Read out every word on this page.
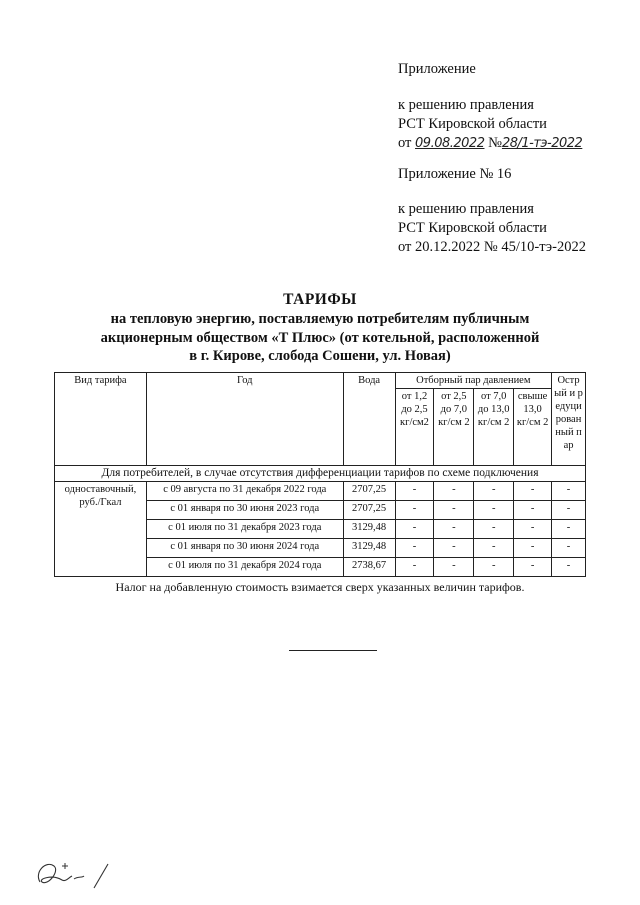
Приложение
к решению правления
РСТ Кировской области
от 09.08.2022 №28/1-тэ-2022
Приложение № 16
к решению правления
РСТ Кировской области
от 20.12.2022 № 45/10-тэ-2022
ТАРИФЫ
на тепловую энергию, поставляемую потребителям публичным
акционерным обществом «Т Плюс» (от котельной, расположенной
в г. Кирове, слобода Сошени, ул. Новая)
Вид тарифа	Год	Вода	Отборный пар давлением				Острый и редуцированный пар
			от 1,2 до 2,5 кг/см2	от 2,5 до 7,0 кг/см 2	от 7,0 до 13,0 кг/см 2	свыше 13,0 кг/см 2	
Для потребителей, в случае отсутствия дифференциации тарифов по схеме подключения							
одноставочный, руб./Гкал	с 09 августа по 31 декабря 2022 года	2707,25	-	-	-	-	-
	с 01 января по 30 июня 2023 года	2707,25	-	-	-	-	-
	с 01 июля по 31 декабря 2023 года	3129,48	-	-	-	-	-
	с 01 января по 30 июня 2024 года	3129,48	-	-	-	-	-
	с 01 июля по 31 декабря 2024 года	2738,67	-	-	-	-	-
Налог на добавленную стоимость взимается сверх указанных величин тарифов.
